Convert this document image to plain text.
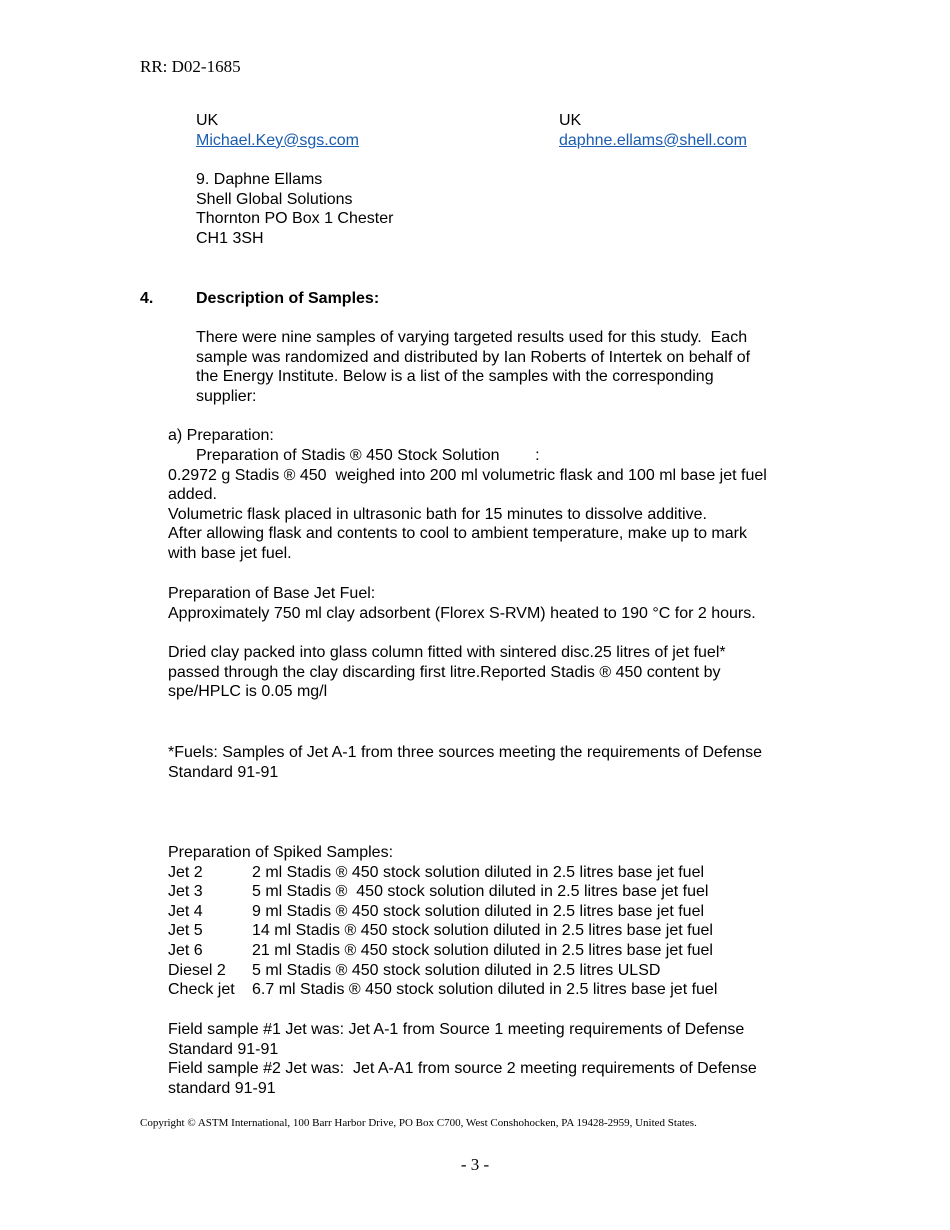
RR: D02-1685
UK
Michael.Key@sgs.com
UK
daphne.ellams@shell.com
9. Daphne Ellams
Shell Global Solutions
Thornton PO Box 1 Chester
CH1 3SH
4.	Description of Samples:
There were nine samples of varying targeted results used for this study.  Each
sample was randomized and distributed by Ian Roberts of Intertek on behalf of
the Energy Institute. Below is a list of the samples with the corresponding
supplier:
a) Preparation:
Preparation of Stadis ® 450 Stock Solution        :
0.2972 g Stadis ® 450  weighed into 200 ml volumetric flask and 100 ml base jet fuel
added.
Volumetric flask placed in ultrasonic bath for 15 minutes to dissolve additive.
After allowing flask and contents to cool to ambient temperature, make up to mark
with base jet fuel.
Preparation of Base Jet Fuel:
Approximately 750 ml clay adsorbent (Florex S-RVM) heated to 190 °C for 2 hours.
Dried clay packed into glass column fitted with sintered disc.25 litres of jet fuel*
passed through the clay discarding first litre.Reported Stadis ® 450 content by
spe/HPLC is 0.05 mg/l
*Fuels: Samples of Jet A-1 from three sources meeting the requirements of Defense
Standard 91-91
Preparation of Spiked Samples:
Jet 2	2 ml Stadis ® 450 stock solution diluted in 2.5 litres base jet fuel
Jet 3	5 ml Stadis ®  450 stock solution diluted in 2.5 litres base jet fuel
Jet 4	9 ml Stadis ® 450 stock solution diluted in 2.5 litres base jet fuel
Jet 5	14 ml Stadis ® 450 stock solution diluted in 2.5 litres base jet fuel
Jet 6	21 ml Stadis ® 450 stock solution diluted in 2.5 litres base jet fuel
Diesel 2 5 ml Stadis ® 450 stock solution diluted in 2.5 litres ULSD
Check jet 6.7 ml Stadis ® 450 stock solution diluted in 2.5 litres base jet fuel
Field sample #1 Jet was: Jet A-1 from Source 1 meeting requirements of Defense
Standard 91-91
Field sample #2 Jet was:  Jet A-A1 from source 2 meeting requirements of Defense
standard 91-91
Copyright © ASTM International, 100 Barr Harbor Drive, PO Box C700, West Conshohocken, PA 19428-2959, United States.
- 3 -
